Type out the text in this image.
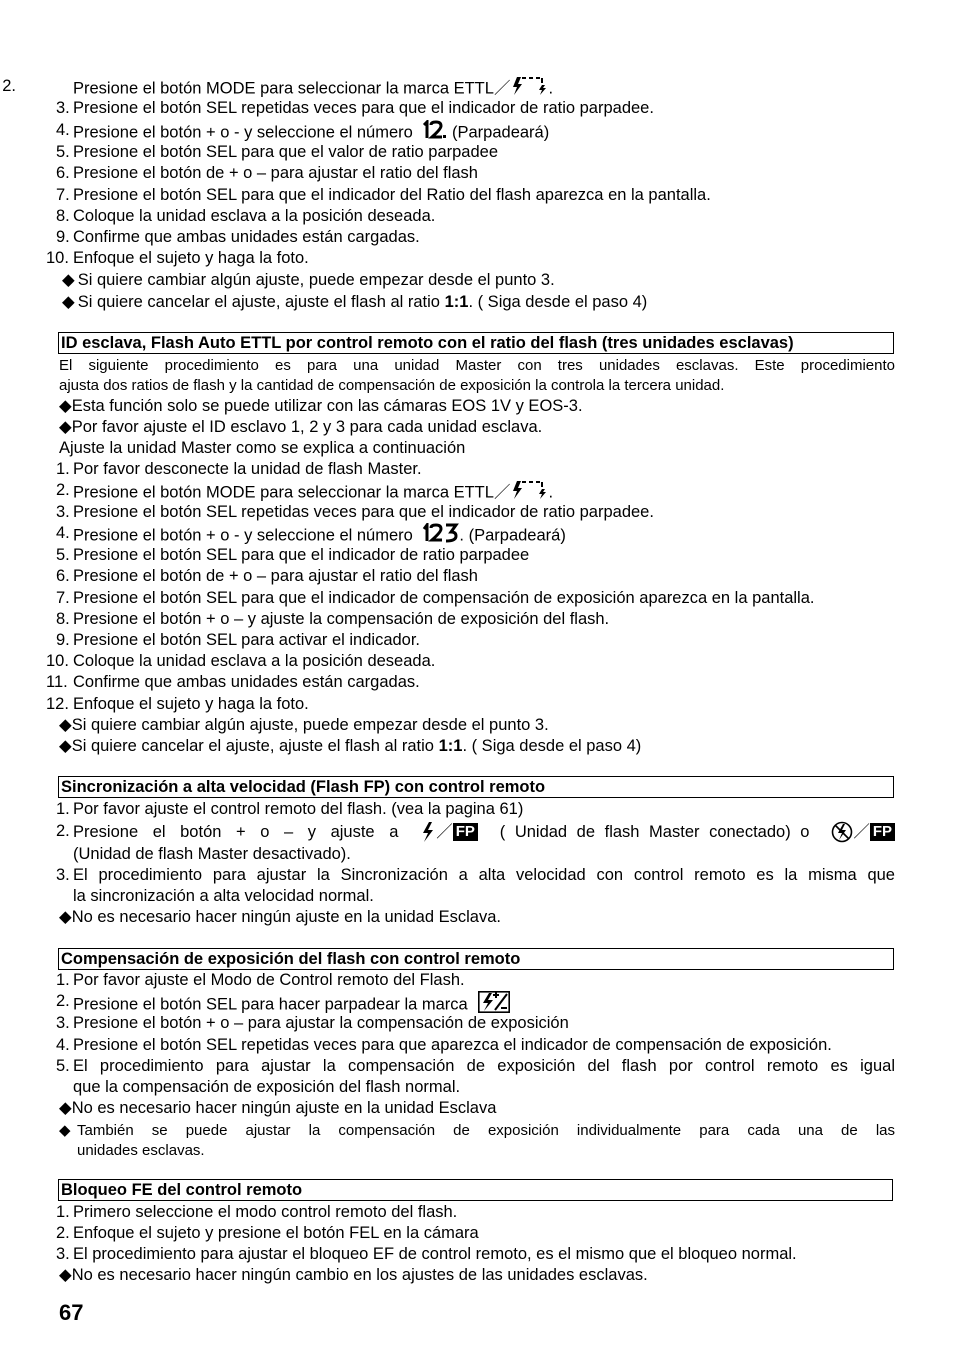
2.	Presione el botón MODE para seleccionar la marca ETTL／ .
3. Presione el botón SEL repetidas veces para que el indicador de ratio parpadee.
4. Presione el botón + o - y seleccione el número  (Parpadeará)
5. Presione el botón SEL para que el valor de ratio parpadee
6. Presione el botón de + o – para ajustar el ratio del flash
7. Presione el botón SEL para que el indicador del Ratio del flash aparezca en la pantalla.
8. Coloque la unidad esclava a la posición deseada.
9. Confirme que ambas unidades están cargadas.
10. Enfoque el sujeto y haga la foto.
◆ Si quiere cambiar algún ajuste, puede empezar desde el punto 3.
◆ Si quiere cancelar el ajuste, ajuste el flash al ratio 1:1. ( Siga desde el paso 4)
ID esclava, Flash Auto ETTL por control remoto con el ratio del flash (tres unidades esclavas)
El siguiente procedimiento es para una unidad Master con tres unidades esclavas. Este procedimiento
ajusta dos ratios de flash y la cantidad de compensación de exposición la controla la tercera unidad.
◆Esta función solo se puede utilizar con las cámaras EOS 1V y EOS-3.
◆Por favor ajuste el ID esclavo 1, 2 y 3 para cada unidad esclava.
Ajuste la unidad Master como se explica a continuación
1. Por favor desconecte la unidad de flash Master.
2. Presione el botón MODE para seleccionar la marca ETTL／ .
3. Presione el botón SEL repetidas veces para que el indicador de ratio parpadee.
4. Presione el botón + o - y seleccione el número	. (Parpadeará)
5. Presione el botón SEL para que el indicador de ratio parpadee
6. Presione el botón de + o – para ajustar el ratio del flash
7. Presione el botón SEL para que el indicador de compensación de exposición aparezca en la pantalla.
8. Presione el botón + o – y ajuste la compensación de exposición del flash.
9. Presione el botón SEL para activar el indicador.
10. Coloque la unidad esclava a la posición deseada.
11. Confirme que ambas unidades están cargadas.
12. Enfoque el sujeto y haga la foto.
◆Si quiere cambiar algún ajuste, puede empezar desde el punto 3.
◆Si quiere cancelar el ajuste, ajuste el flash al ratio 1:1. ( Siga desde el paso 4)
Sincronización a alta velocidad (Flash FP) con control remoto
1. Por favor ajuste el control remoto del flash. (vea la pagina 61)
2. Presione el botón + o – y ajuste a ／ FP ( Unidad de flash Master conectado) o	／ FP
(Unidad de flash Master desactivado).
3. El procedimiento para ajustar la Sincronización a alta velocidad con control remoto es la misma que
la sincronización a alta velocidad normal.
◆No es necesario hacer ningún ajuste en la unidad Esclava.
Compensación de exposición del flash con control remoto
1. Por favor ajuste el Modo de Control remoto del Flash.
2. Presione el botón SEL para hacer parpadear la marca
3. Presione el botón + o – para ajustar la compensación de exposición
4. Presione el botón SEL repetidas veces para que aparezca el indicador de compensación de exposición.
5. El procedimiento para ajustar la compensación de exposición del flash por control remoto es igual
que la compensación de exposición del flash normal.
◆No es necesario hacer ningún ajuste en la unidad Esclava
◆ También se puede ajustar la compensación de exposición individualmente para cada una de las
unidades esclavas.
Bloqueo FE del control remoto
1. Primero seleccione el modo control remoto del flash.
2. Enfoque el sujeto y presione el botón FEL en la cámara
3. El procedimiento para ajustar el bloqueo EF de control remoto, es el mismo que el bloqueo normal.
◆No es necesario hacer ningún cambio en los ajustes de las unidades esclavas.
67
